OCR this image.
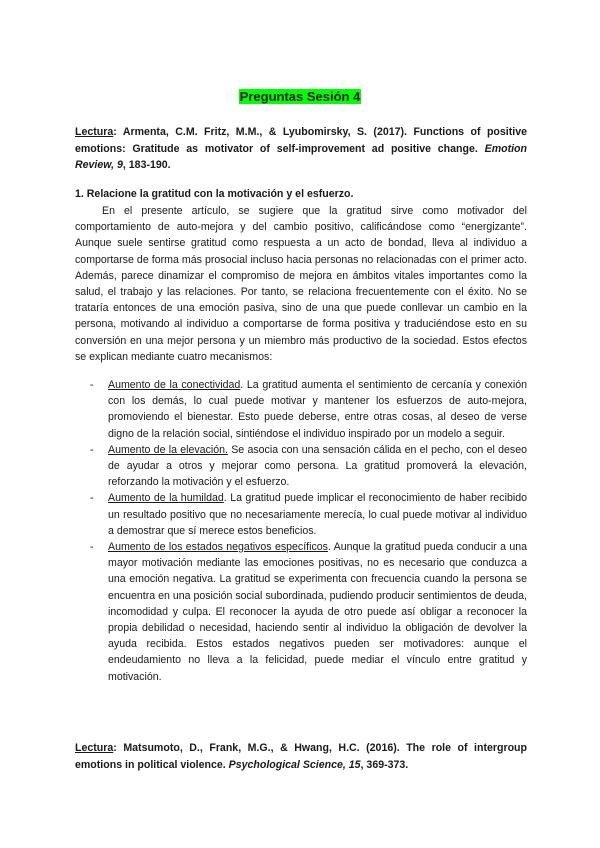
Preguntas Sesión 4
Lectura: Armenta, C.M. Fritz, M.M., & Lyubomirsky, S. (2017). Functions of positive emotions: Gratitude as motivator of self-improvement ad positive change. Emotion Review, 9, 183-190.
1. Relacione la gratitud con la motivación y el esfuerzo.
En el presente artículo, se sugiere que la gratitud sirve como motivador del comportamiento de auto-mejora y del cambio positivo, calificándose como “energizante”. Aunque suele sentirse gratitud como respuesta a un acto de bondad, lleva al individuo a comportarse de forma más prosocial incluso hacia personas no relacionadas con el primer acto. Además, parece dinamizar el compromiso de mejora en ámbitos vitales importantes como la salud, el trabajo y las relaciones. Por tanto, se relaciona frecuentemente con el éxito. No se trataría entonces de una emoción pasiva, sino de una que puede conllevar un cambio en la persona, motivando al individuo a comportarse de forma positiva y traduciéndose esto en su conversión en una mejor persona y un miembro más productivo de la sociedad. Estos efectos se explican mediante cuatro mecanismos:
- Aumento de la conectividad. La gratitud aumenta el sentimiento de cercanía y conexión con los demás, lo cual puede motivar y mantener los esfuerzos de auto-mejora, promoviendo el bienestar. Esto puede deberse, entre otras cosas, al deseo de verse digno de la relación social, sintiéndose el individuo inspirado por un modelo a seguir.
- Aumento de la elevación. Se asocia con una sensación cálida en el pecho, con el deseo de ayudar a otros y mejorar como persona. La gratitud promoverá la elevación, reforzando la motivación y el esfuerzo.
- Aumento de la humildad. La gratitud puede implicar el reconocimiento de haber recibido un resultado positivo que no necesariamente merecía, lo cual puede motivar al individuo a demostrar que sí merece estos beneficios.
- Aumento de los estados negativos específicos. Aunque la gratitud pueda conducir a una mayor motivación mediante las emociones positivas, no es necesario que conduzca a una emoción negativa. La gratitud se experimenta con frecuencia cuando la persona se encuentra en una posición social subordinada, pudiendo producir sentimientos de deuda, incomodidad y culpa. El reconocer la ayuda de otro puede así obligar a reconocer la propia debilidad o necesidad, haciendo sentir al individuo la obligación de devolver la ayuda recibida. Estos estados negativos pueden ser motivadores: aunque el endeudamiento no lleva a la felicidad, puede mediar el vínculo entre gratitud y motivación.
Lectura: Matsumoto, D., Frank, M.G., & Hwang, H.C. (2016). The role of intergroup emotions in political violence. Psychological Science, 15, 369-373.
